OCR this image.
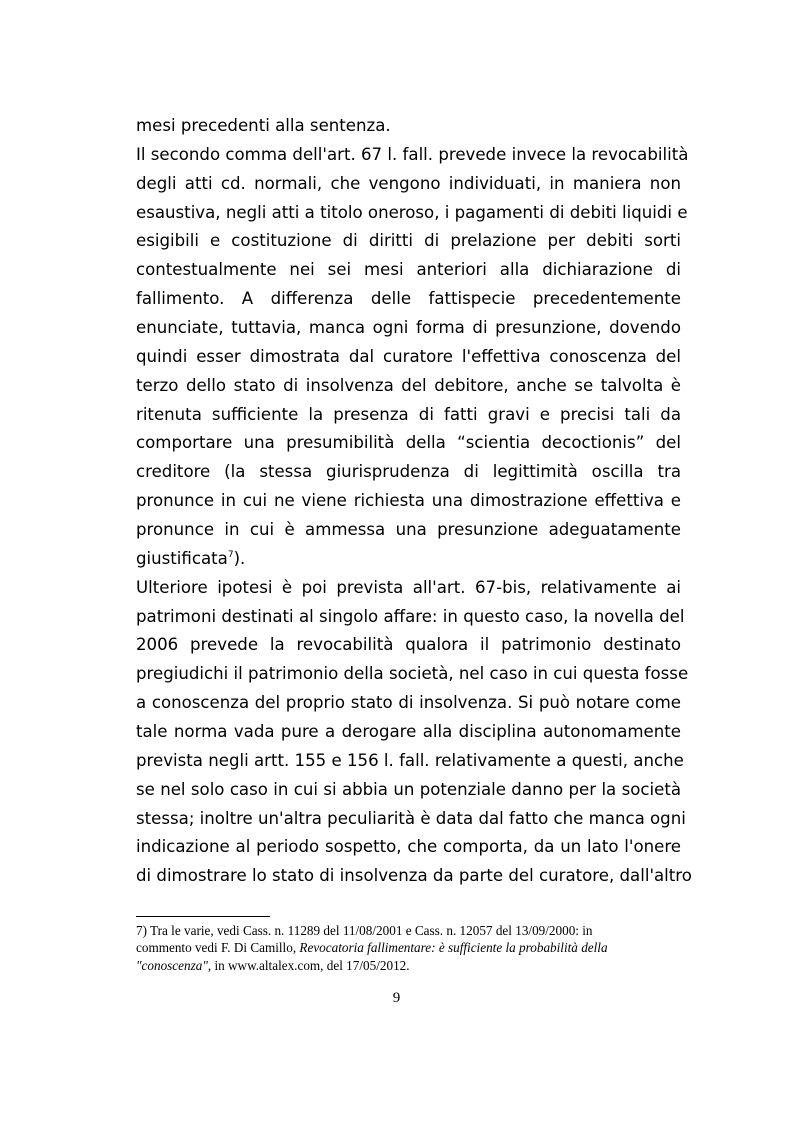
mesi precedenti alla sentenza.
Il secondo comma dell'art. 67 l. fall. prevede invece la revocabilità
degli atti cd. normali, che vengono individuati, in maniera non
esaustiva, negli atti a titolo oneroso, i pagamenti di debiti liquidi e
esigibili e costituzione di diritti di prelazione per debiti sorti
contestualmente nei sei mesi anteriori alla dichiarazione di
fallimento. A differenza delle fattispecie precedentemente
enunciate, tuttavia, manca ogni forma di presunzione, dovendo
quindi esser dimostrata dal curatore l'effettiva conoscenza del
terzo dello stato di insolvenza del debitore, anche se talvolta è
ritenuta sufficiente la presenza di fatti gravi e precisi tali da
comportare una presumibilità della “scientia decoctionis” del
creditore (la stessa giurisprudenza di legittimità oscilla tra
pronunce in cui ne viene richiesta una dimostrazione effettiva e
pronunce in cui è ammessa una presunzione adeguatamente
giustificata$^7$).
Ulteriore ipotesi è poi prevista all'art. 67-bis, relativamente ai
patrimoni destinati al singolo affare: in questo caso, la novella del
2006 prevede la revocabilità qualora il patrimonio destinato
pregiudichi il patrimonio della società, nel caso in cui questa fosse
a conoscenza del proprio stato di insolvenza. Si può notare come
tale norma vada pure a derogare alla disciplina autonomamente
prevista negli artt. 155 e 156 l. fall. relativamente a questi, anche
se nel solo caso in cui si abbia un potenziale danno per la società
stessa; inoltre un'altra peculiarità è data dal fatto che manca ogni
indicazione al periodo sospetto, che comporta, da un lato l'onere
di dimostrare lo stato di insolvenza da parte del curatore, dall'altro
7) Tra le varie, vedi Cass. n. 11289 del 11/08/2001 e Cass. n. 12057 del 13/09/2000: in
commento vedi F. Di Camillo, Revocatoria fallimentare: è sufficiente la probabilità della
"conoscenza", in www.altalex.com, del 17/05/2012.
9
